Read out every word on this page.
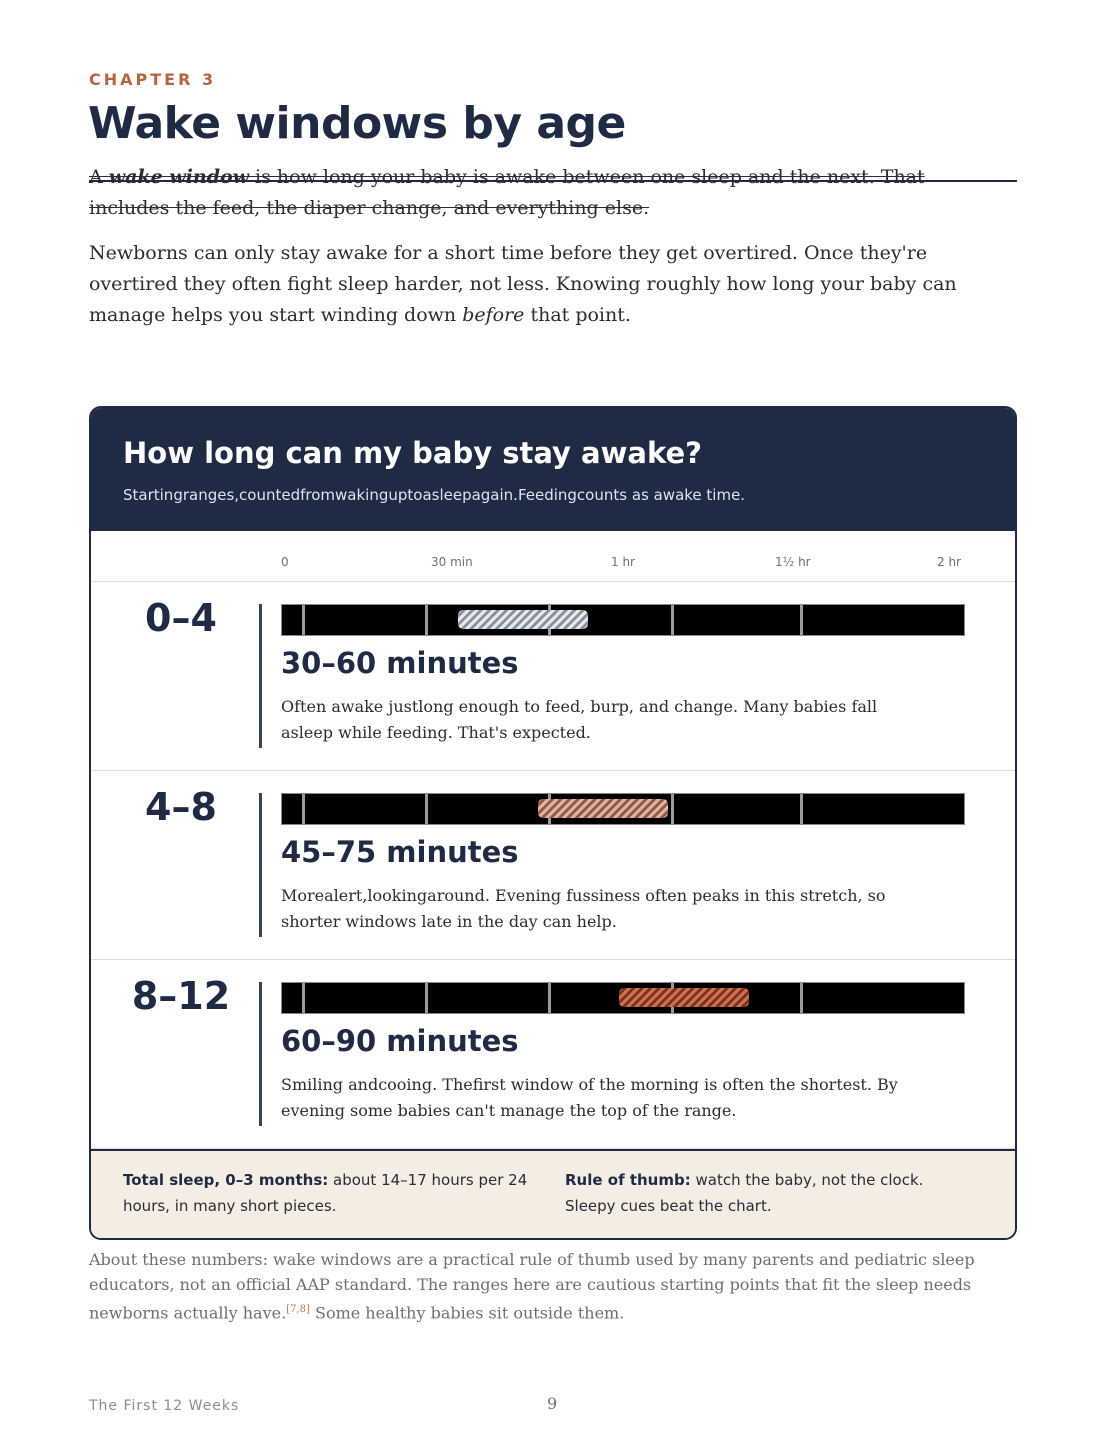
CHAPTER 3
Wake windows by age

A wake window is how long your baby is awake between one sleep and the next. That includes the feed, the diaper change, and everything else.

Newborns can only stay awake for a short time before they get overtired. Once they're overtired they often fight sleep harder, not less. Knowing roughly how long your baby can manage helps you start winding down before that point.

How long can my baby stay awake?
Startingranges,countedfromwakinguptoasleepagain.Feedingcounts as awake time.
0	30 min	1 hr	1½ hr	2 hr
0–4
30–60 minutes
Often awake justlong enough to feed, burp, and change. Many babies fall asleep while feeding. That's expected.
4–8
45–75 minutes
Morealert,lookingaround. Evening fussiness often peaks in this stretch, so shorter windows late in the day can help.
8–12
60–90 minutes
Smiling andcooing. Thefirst window of the morning is often the shortest. By evening some babies can't manage the top of the range.
Total sleep, 0–3 months: about 14–17 hours per 24 hours, in many short pieces.
Rule of thumb: watch the baby, not the clock. Sleepy cues beat the chart.
About these numbers: wake windows are a practical rule of thumb used by many parents and pediatric sleep educators, not an official AAP standard. The ranges here are cautious starting points that fit the sleep needs newborns actually have.[7,8] Some healthy babies sit outside them.
The First 12 Weeks	9
